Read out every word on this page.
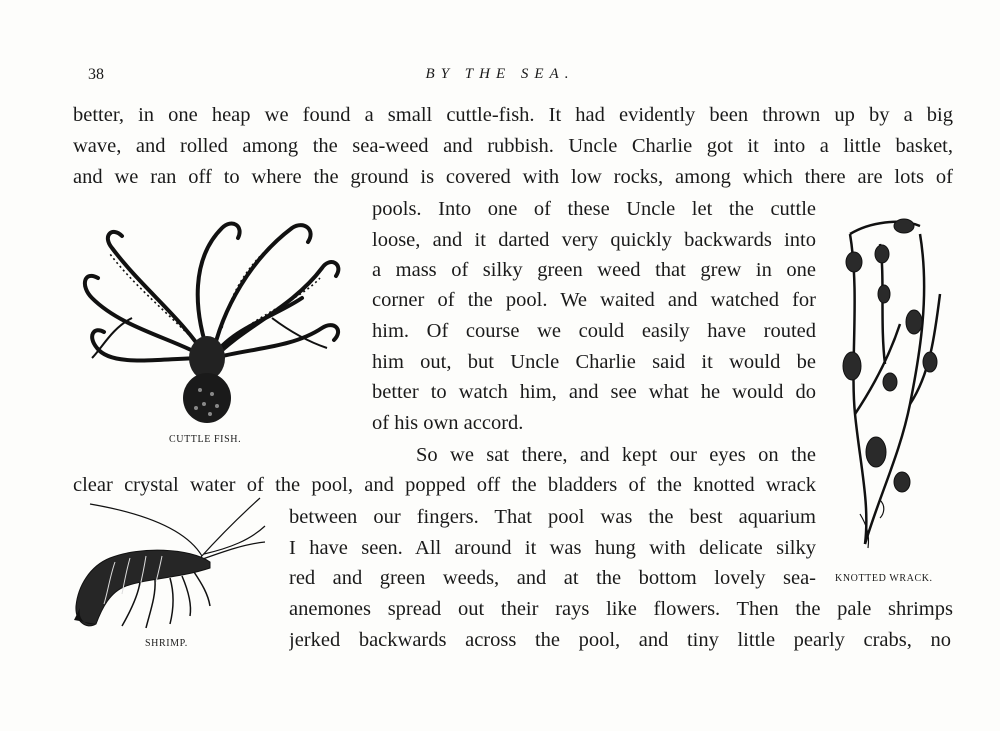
38	BY THE SEA.
better, in one heap we found a small cuttle-fish. It had evidently been thrown up by a big
wave, and rolled among the sea-weed and rubbish. Uncle Charlie got it into a little basket,
and we ran off to where the ground is covered with low rocks, among which there are lots of
pools. Into one of these Uncle let the cuttle
loose, and it darted very quickly backwards into
a mass of silky green weed that grew in one
corner of the pool. We waited and watched for
him. Of course we could easily have routed
him out, but Uncle Charlie said it would be
better to watch him, and see what he would do
of his own accord.
So we sat there, and kept our eyes on the
clear crystal water of the pool, and popped off the bladders of the knotted wrack
between our fingers. That pool was the best aquarium
I have seen. All around it was hung with delicate silky
red and green weeds, and at the bottom lovely sea-
anemones spread out their rays like flowers. Then the pale shrimps
jerked backwards across the pool, and tiny little pearly crabs, no
CUTTLE FISH.
KNOTTED WRACK.
SHRIMP.
